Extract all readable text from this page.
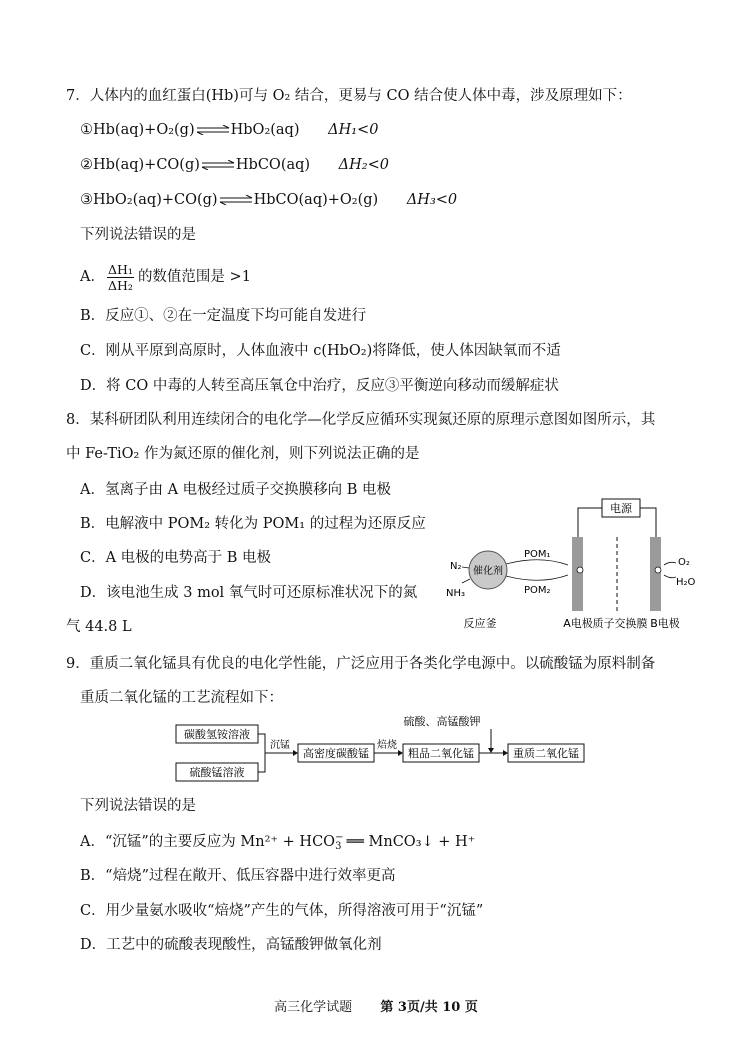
7．人体内的血红蛋白(Hb)可与 O₂ 结合，更易与 CO 结合使人体中毒，涉及原理如下：
①Hb(aq)+O₂(g)⇌HbO₂(aq) ΔH₁<0
②Hb(aq)+CO(g)⇌HbCO(aq) ΔH₂<0
③HbO₂(aq)+CO(g)⇌HbCO(aq)+O₂(g) ΔH₃<0
下列说法错误的是
A． $\frac{\text{ΔH₁}}{\text{ΔH₂}}$ 的数值范围是 >1
B．反应①、②在一定温度下均可能自发进行
C．刚从平原到高原时，人体血液中 c(HbO₂)将降低，使人体因缺氧而不适
D．将 CO 中毒的人转至高压氧仓中治疗，反应③平衡逆向移动而缓解症状
8．某科研团队利用连续闭合的电化学—化学反应循环实现氮还原的原理示意图如图所示，其
中 Fe-TiO₂ 作为氮还原的催化剂，则下列说法正确的是
A．氢离子由 A 电极经过质子交换膜移向 B 电极
B．电解液中 POM₂ 转化为 POM₁ 的过程为还原反应
C．A 电极的电势高于 B 电极
D．该电池生成 3 mol 氧气时可还原标准状况下的氮
气 44.8 L
电源
催化剂
N₂
NH₃
POM₁
POM₂
O₂
H₂O
反应釜	A电极 质子交换膜 B电极
9．重质二氧化锰具有优良的电化学性能，广泛应用于各类化学电源中。以硫酸锰为原料制备
重质二氧化锰的工艺流程如下：
碳酸氢铵溶液
硫酸锰溶液
沉锰
高密度碳酸锰
焙烧
粗品二氧化锰
硫酸、高锰酸钾
重质二氧化锰
下列说法错误的是
A．“沉锰”的主要反应为 Mn²⁺ + HCO −
3 ══ MnCO₃↓ + H⁺
B．“焙烧”过程在敞开、低压容器中进行效率更高
C．用少量氨水吸收“焙烧”产生的气体，所得溶液可用于“沉锰”
D．工艺中的硫酸表现酸性，高锰酸钾做氧化剂
高三化学试题 第 3页/共 10 页
